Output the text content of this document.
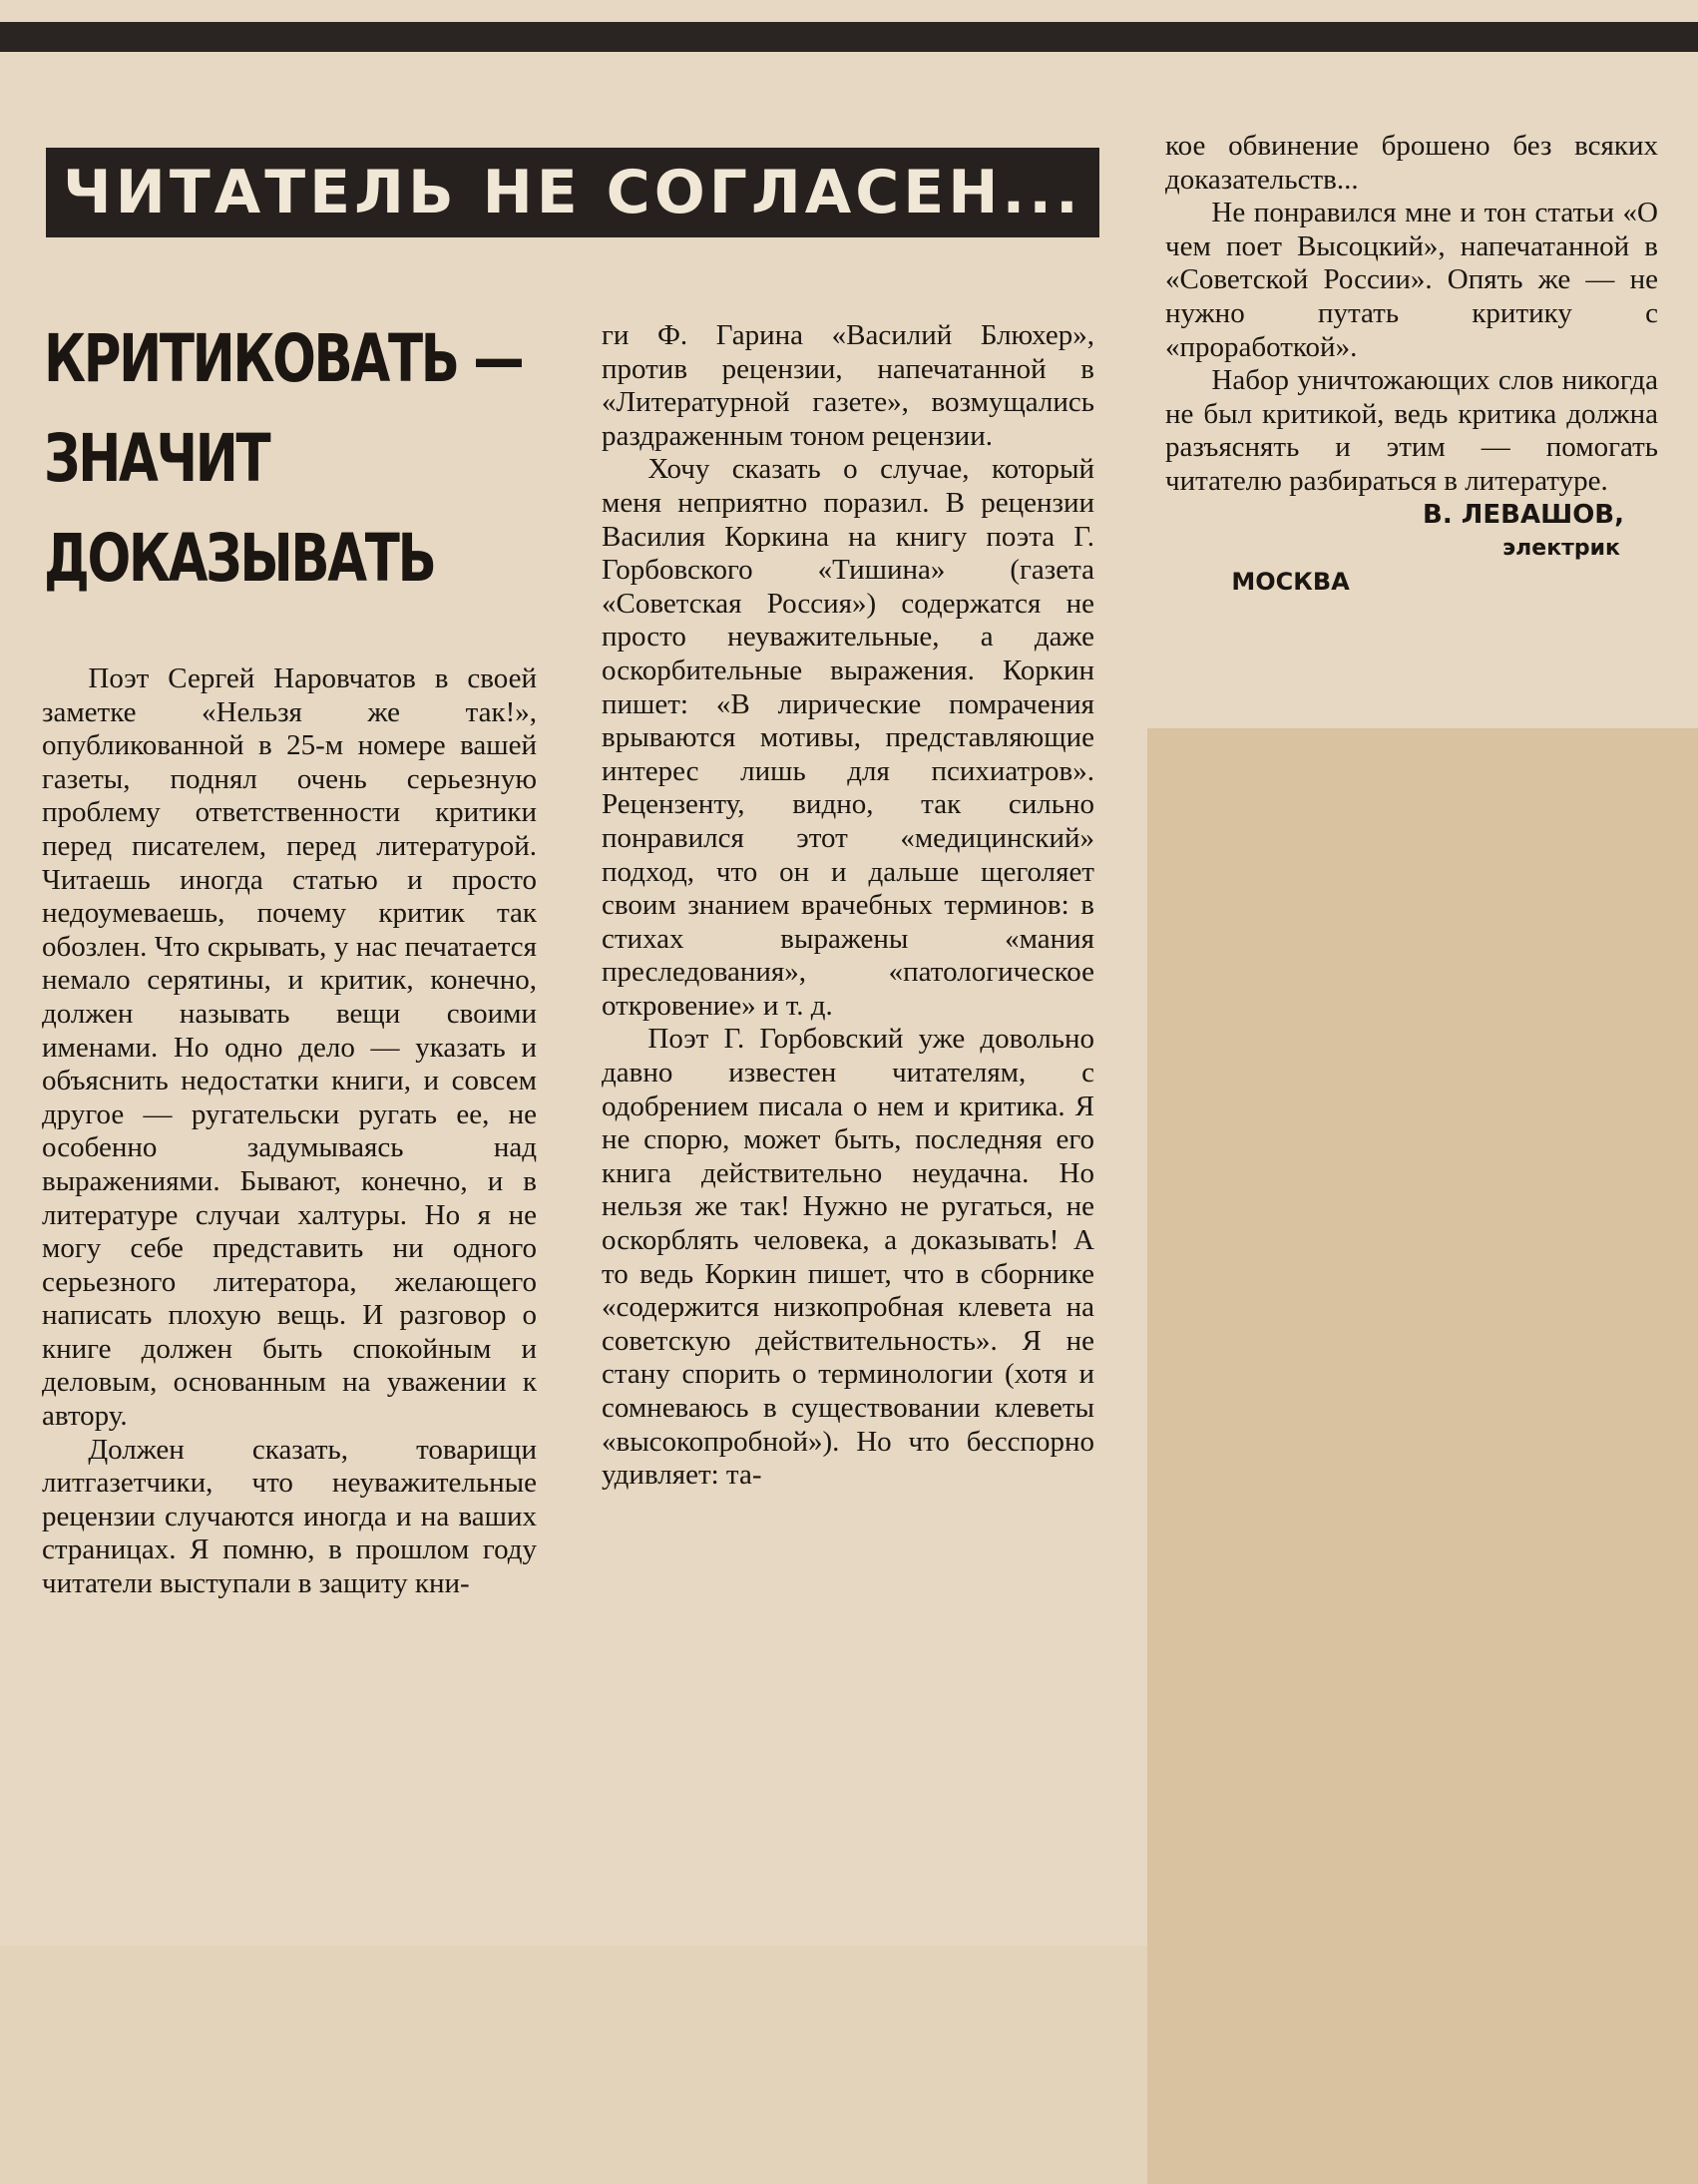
ЧИТАТЕЛЬ НЕ СОГЛАСЕН...
КРИТИКОВАТЬ —
ЗНАЧИТ
ДОКАЗЫВАТЬ

Поэт Сергей Наровчатов в своей заметке «Нельзя же так!», опубликованной в 25-м номере вашей газеты, поднял очень серьезную проблему ответственности критики перед писателем, перед литературой. Читаешь иногда статью и просто недоумеваешь, почему критик так обозлен. Что скрывать, у нас печатается немало серятины, и критик, конечно, должен называть вещи своими именами. Но одно дело — указать и объяснить недостатки книги, и совсем другое — ругательски ругать ее, не особенно задумываясь над выражениями. Бывают, конечно, и в литературе случаи халтуры. Но я не могу себе представить ни одного серьезного литератора, желающего написать плохую вещь. И разговор о книге должен быть спокойным и деловым, основанным на уважении к автору.

Должен сказать, товарищи литгазетчики, что неуважительные рецензии случаются иногда и на ваших страницах. Я помню, в прошлом году читатели выступали в защиту кни-

ги Ф. Гарина «Василий Блюхер», против рецензии, напечатанной в «Литературной газете», возмущались раздраженным тоном рецензии.

Хочу сказать о случае, который меня неприятно поразил. В рецензии Василия Коркина на книгу поэта Г. Горбовского «Тишина» (газета «Советская Россия») содержатся не просто неуважительные, а даже оскорбительные выражения. Коркин пишет: «В лирические помрачения врываются мотивы, представляющие интерес лишь для психиатров». Рецензенту, видно, так сильно понравился этот «медицинский» подход, что он и дальше щеголяет своим знанием врачебных терминов: в стихах выражены «мания преследования», «патологическое откровение» и т. д.

Поэт Г. Горбовский уже довольно давно известен читателям, с одобрением писала о нем и критика. Я не спорю, может быть, последняя его книга действительно неудачна. Но нельзя же так! Нужно не ругаться, не оскорблять человека, а доказывать! А то ведь Коркин пишет, что в сборнике «содержится низкопробная клевета на советскую действительность». Я не стану спорить о терминологии (хотя и сомневаюсь в существовании клеветы «высокопробной»). Но что бесспорно удивляет: та-

кое обвинение брошено без всяких доказательств...

Не понравился мне и тон статьи «О чем поет Высоцкий», напечатанной в «Советской России». Опять же — не нужно путать критику с «проработкой».

Набор уничтожающих слов никогда не был критикой, ведь критика должна разъяснять и этим — помогать читателю разбираться в литературе.

В. ЛЕВАШОВ,

электрик

МОСКВА
